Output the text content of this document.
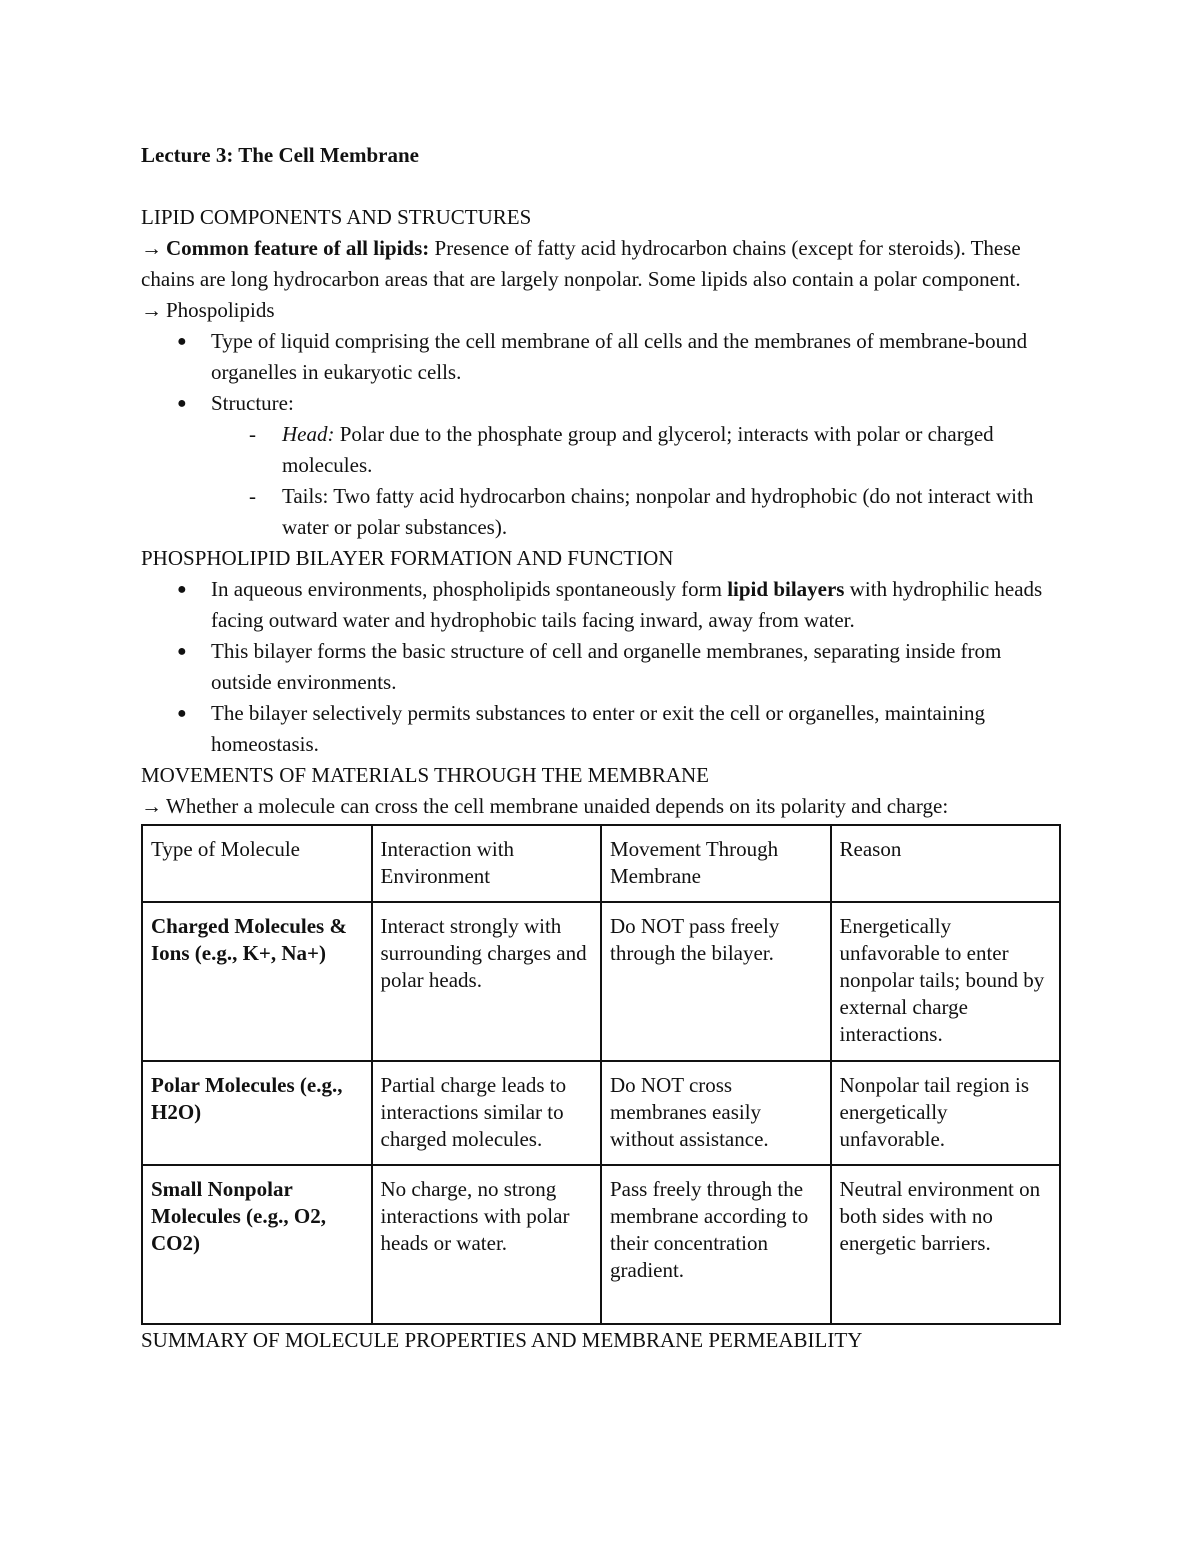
Lecture 3: The Cell Membrane

LIPID COMPONENTS AND STRUCTURES

→ Common feature of all lipids: Presence of fatty acid hydrocarbon chains (except for steroids). These chains are long hydrocarbon areas that are largely nonpolar. Some lipids also contain a polar component.

→ Phospolipids

● Type of liquid comprising the cell membrane of all cells and the membranes of membrane-bound organelles in eukaryotic cells.
● Structure:
- Head: Polar due to the phosphate group and glycerol; interacts with polar or charged molecules.
- Tails: Two fatty acid hydrocarbon chains; nonpolar and hydrophobic (do not interact with water or polar substances).

PHOSPHOLIPID BILAYER FORMATION AND FUNCTION

● In aqueous environments, phospholipids spontaneously form lipid bilayers with hydrophilic heads facing outward water and hydrophobic tails facing inward, away from water.
● This bilayer forms the basic structure of cell and organelle membranes, separating inside from outside environments.
● The bilayer selectively permits substances to enter or exit the cell or organelles, maintaining homeostasis.

MOVEMENTS OF MATERIALS THROUGH THE MEMBRANE

→ Whether a molecule can cross the cell membrane unaided depends on its polarity and charge:

Type of Molecule	Interaction with Environment	Movement Through Membrane	Reason
Charged Molecules & Ions (e.g., K+, Na+)	Interact strongly with surrounding charges and polar heads.	Do NOT pass freely through the bilayer.	Energetically unfavorable to enter nonpolar tails; bound by external charge interactions.
Polar Molecules (e.g., H2O)	Partial charge leads to interactions similar to charged molecules.	Do NOT cross membranes easily without assistance.	Nonpolar tail region is energetically unfavorable.
Small Nonpolar Molecules (e.g., O2, CO2)	No charge, no strong interactions with polar heads or water.	Pass freely through the membrane according to their concentration gradient.	Neutral environment on both sides with no energetic barriers.

SUMMARY OF MOLECULE PROPERTIES AND MEMBRANE PERMEABILITY
